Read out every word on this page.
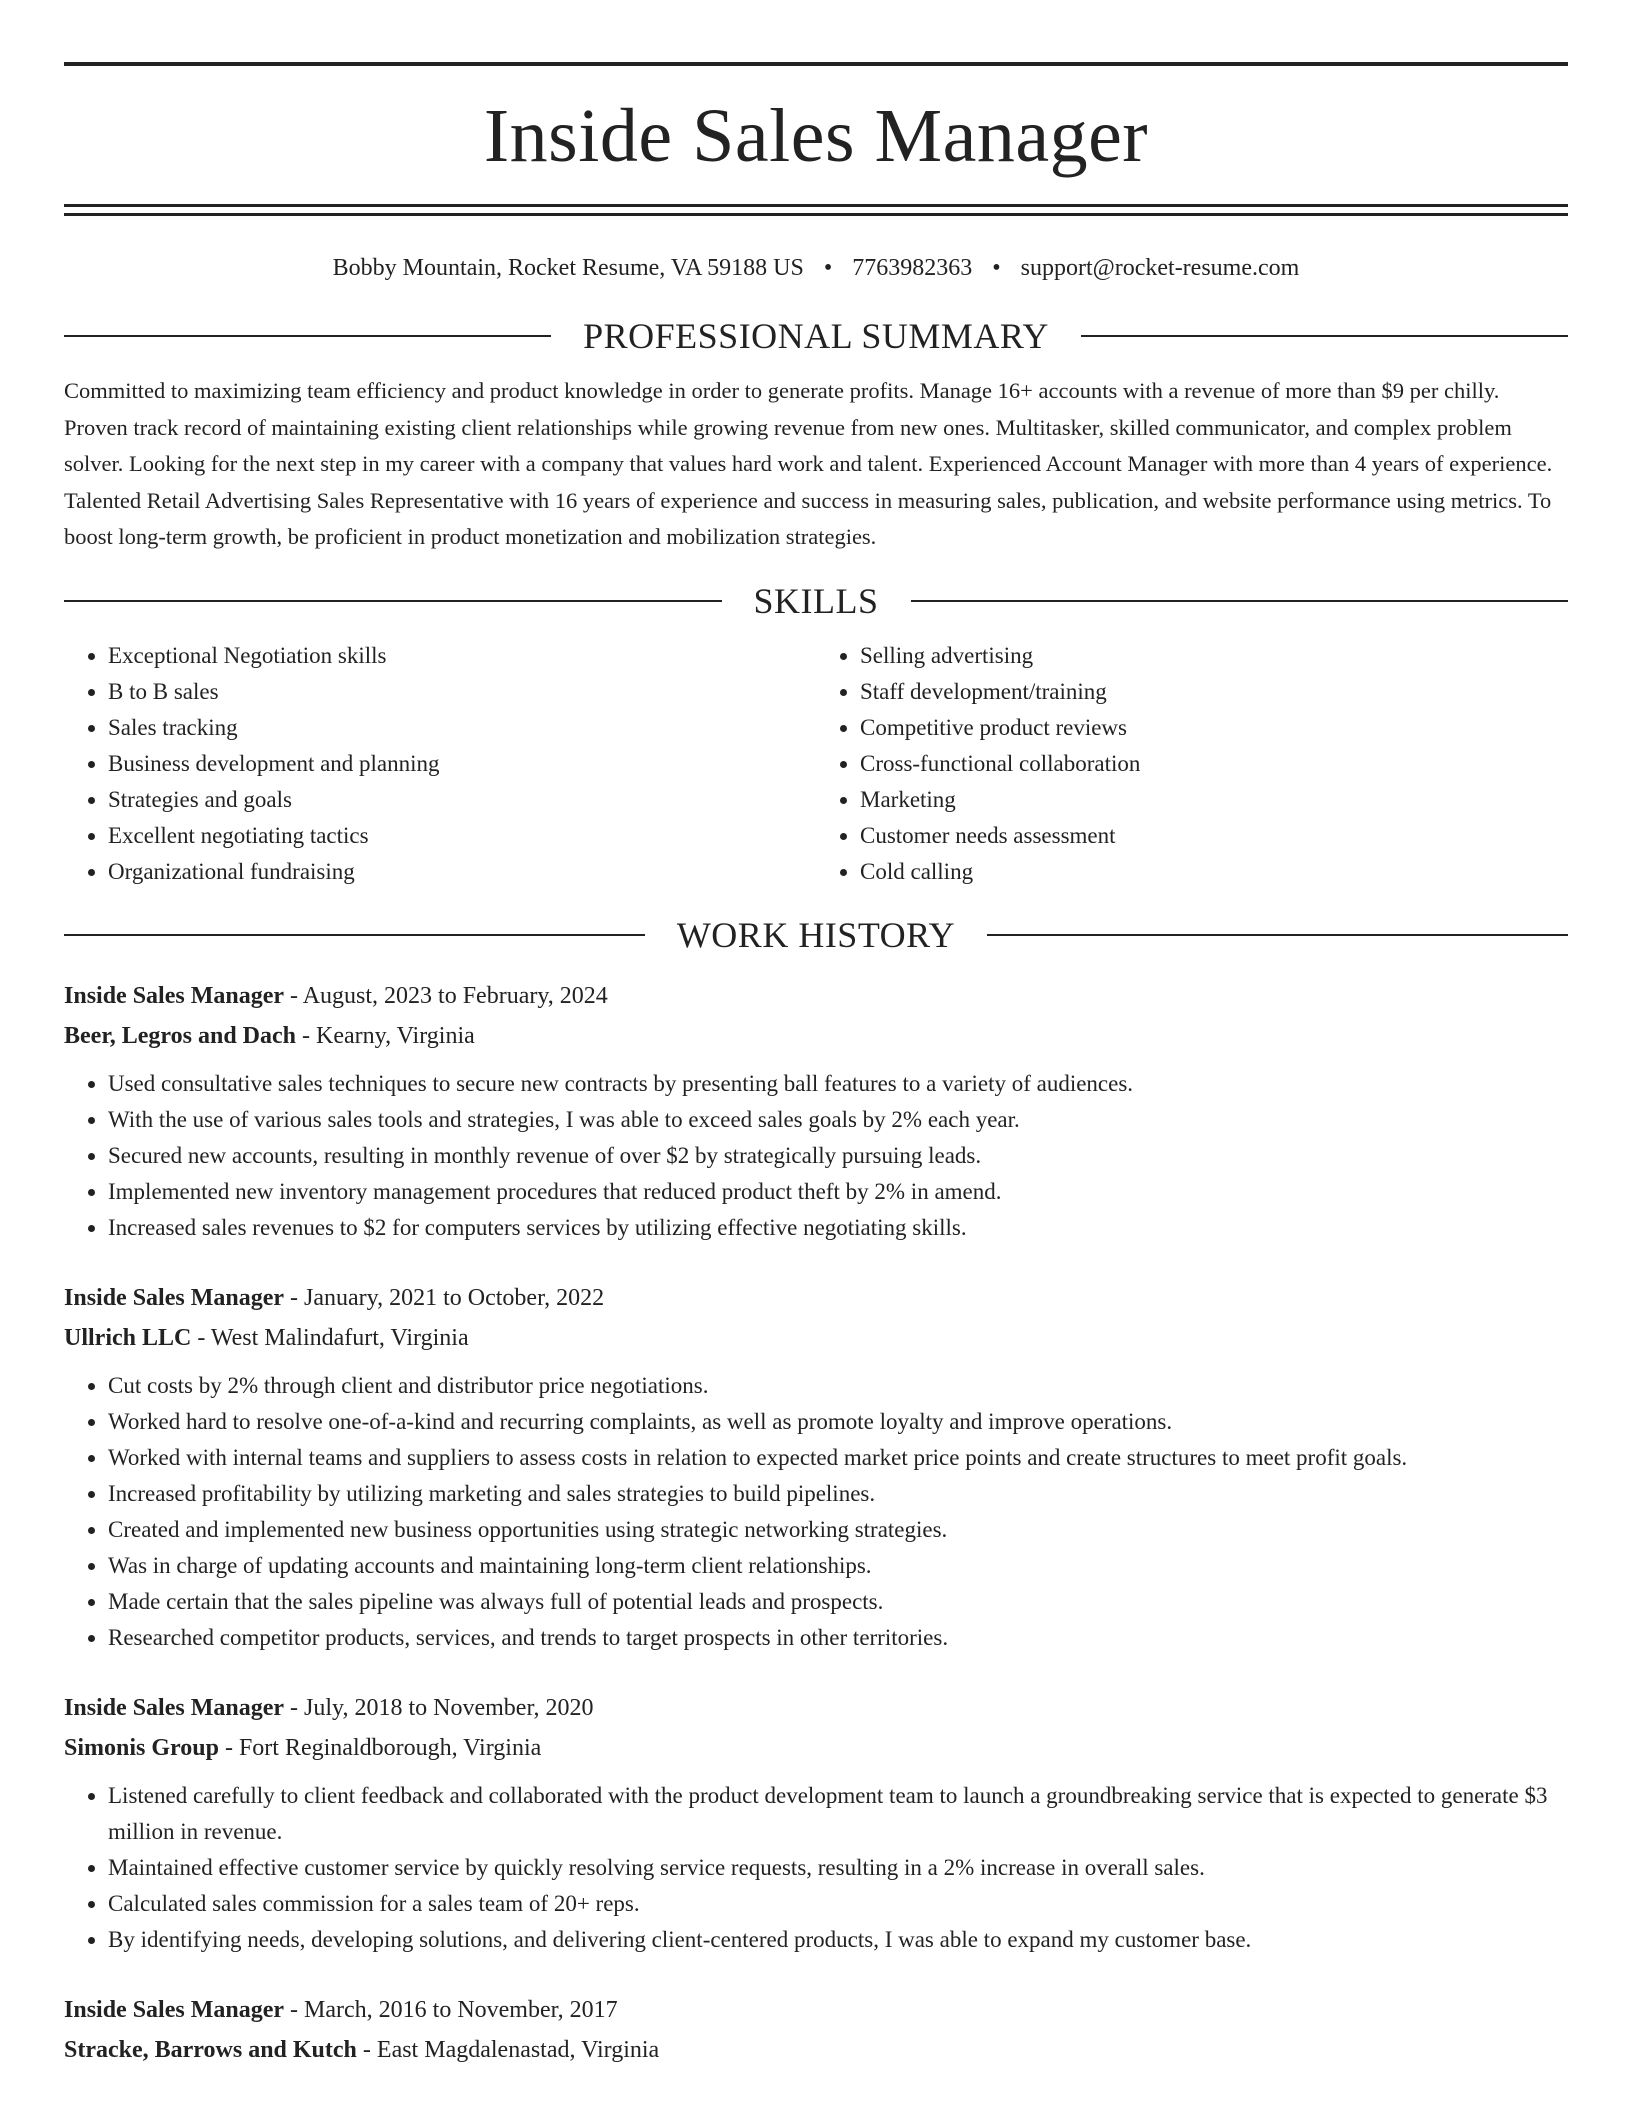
Inside Sales Manager
Bobby Mountain, Rocket Resume, VA 59188 US • 7763982363 • support@rocket-resume.com
PROFESSIONAL SUMMARY

Committed to maximizing team efficiency and product knowledge in order to generate profits. Manage 16+ accounts with a revenue of more than $9 per chilly. Proven track record of maintaining existing client relationships while growing revenue from new ones. Multitasker, skilled communicator, and complex problem solver. Looking for the next step in my career with a company that values hard work and talent. Experienced Account Manager with more than 4 years of experience. Talented Retail Advertising Sales Representative with 16 years of experience and success in measuring sales, publication, and website performance using metrics. To boost long-term growth, be proficient in product monetization and mobilization strategies.

SKILLS
• Exceptional Negotiation skills
• B to B sales
• Sales tracking
• Business development and planning
• Strategies and goals
• Excellent negotiating tactics
• Organizational fundraising
• Selling advertising
• Staff development/training
• Competitive product reviews
• Cross-functional collaboration
• Marketing
• Customer needs assessment
• Cold calling
WORK HISTORY
Inside Sales Manager - August, 2023 to February, 2024
Beer, Legros and Dach - Kearny, Virginia
• Used consultative sales techniques to secure new contracts by presenting ball features to a variety of audiences.
• With the use of various sales tools and strategies, I was able to exceed sales goals by 2% each year.
• Secured new accounts, resulting in monthly revenue of over $2 by strategically pursuing leads.
• Implemented new inventory management procedures that reduced product theft by 2% in amend.
• Increased sales revenues to $2 for computers services by utilizing effective negotiating skills.
Inside Sales Manager - January, 2021 to October, 2022
Ullrich LLC - West Malindafurt, Virginia
• Cut costs by 2% through client and distributor price negotiations.
• Worked hard to resolve one-of-a-kind and recurring complaints, as well as promote loyalty and improve operations.
• Worked with internal teams and suppliers to assess costs in relation to expected market price points and create structures to meet profit goals.
• Increased profitability by utilizing marketing and sales strategies to build pipelines.
• Created and implemented new business opportunities using strategic networking strategies.
• Was in charge of updating accounts and maintaining long-term client relationships.
• Made certain that the sales pipeline was always full of potential leads and prospects.
• Researched competitor products, services, and trends to target prospects in other territories.
Inside Sales Manager - July, 2018 to November, 2020
Simonis Group - Fort Reginaldborough, Virginia
• Listened carefully to client feedback and collaborated with the product development team to launch a groundbreaking service that is expected to generate $3 million in revenue.
• Maintained effective customer service by quickly resolving service requests, resulting in a 2% increase in overall sales.
• Calculated sales commission for a sales team of 20+ reps.
• By identifying needs, developing solutions, and delivering client-centered products, I was able to expand my customer base.
Inside Sales Manager - March, 2016 to November, 2017
Stracke, Barrows and Kutch - East Magdalenastad, Virginia
